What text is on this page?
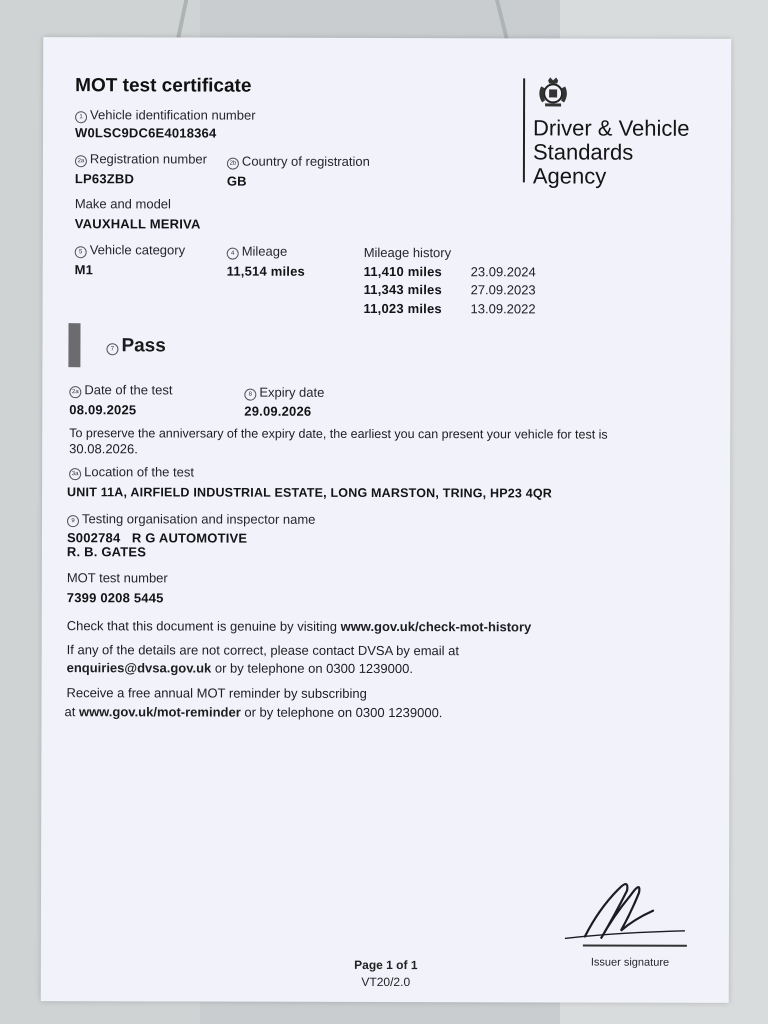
MOT test certificate
Driver & Vehicle
Standards
Agency
1 Vehicle identification number
W0LSC9DC6E4018364
2a Registration number
LP63ZBD
2b Country of registration
GB
Make and model
VAUXHALL MERIVA
5 Vehicle category
M1
4 Mileage
11,514 miles
Mileage history
11,410 miles 23.09.2024
11,343 miles 27.09.2023
11,023 miles 13.09.2022
7 Pass
2a Date of the test
08.09.2025
8 Expiry date
29.09.2026
To preserve the anniversary of the expiry date, the earliest you can present your vehicle for test is
30.08.2026.
3a Location of the test
UNIT 11A, AIRFIELD INDUSTRIAL ESTATE, LONG MARSTON, TRING, HP23 4QR
9 Testing organisation and inspector name
S002784   R G AUTOMOTIVE
R. B. GATES
MOT test number
7399 0208 5445
Check that this document is genuine by visiting www.gov.uk/check-mot-history
If any of the details are not correct, please contact DVSA by email at
enquiries@dvsa.gov.uk or by telephone on 0300 1239000.
Receive a free annual MOT reminder by subscribing
at www.gov.uk/mot-reminder or by telephone on 0300 1239000.
Issuer signature
Page 1 of 1
VT20/2.0
